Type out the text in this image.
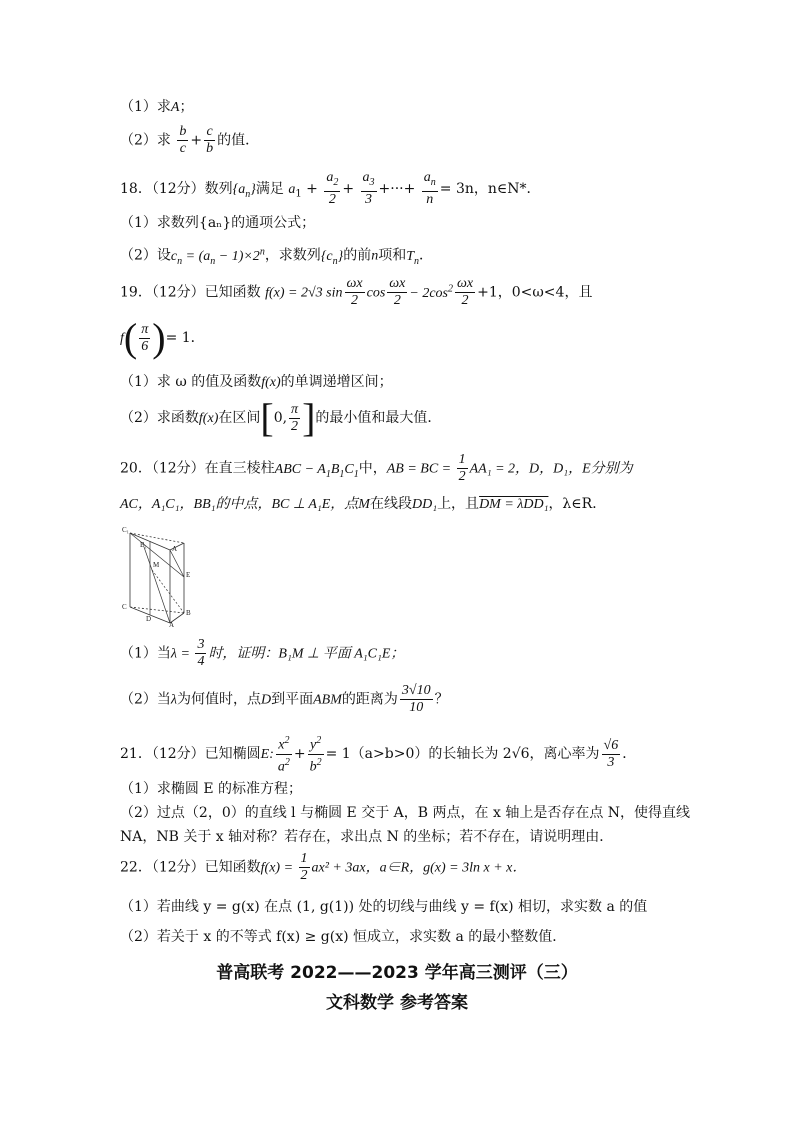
（1）求A；
（2）求 $\frac{b}{c} + \frac{c}{b}$ 的值．
18．（12分）数列$\{a_n\}$满足 $a_1 + \frac{a_2}{2} + \frac{a_3}{3}$ +···+ $\frac{a_n}{n} = 3n$，n∈N*．
（1）求数列{aₙ}的通项公式；
（2）设$c_n = (a_n - 1)\times 2^n$，求数列$\{c_n\}$的前n项和$T_n$．
19．（12分）已知函数 f(x) = 2√3 $\sin \frac{\omega x}{2}$ $\cos \frac{\omega x}{2} - 2\cos^2 \frac{\omega x}{2} +1$，0<ω<4，且
$f( \frac{\pi}{6}$ )= 1．
（1）求 ω 的值及函数f(x)的单调递增区间；
（2）求函数f(x)在区间[0, $\frac{\pi}{2}$ ]的最小值和最大值．
20．（12分）在直三棱柱ABC − $A_1B_1C_1$中，AB = BC = $\frac{1}{2} AA_1 = 2$，D，D₁，E分别为
AC，A₁C₁，BB₁的中点，BC ⊥ A₁E，点M在线段DD₁上，且DM = λDD₁，λ∈R．
C₁
B₁	A
M
E
C
D
B
A
（1）当$\lambda = \frac{3}{4}$ 时，证明：B₁M ⊥ 平面 A₁C₁E；
（2）当λ为何值时，点D到平面ABM的距离为 $\frac{3√10}{10}$ ？
21．（12分）已知椭圆E: $\frac{x^2}{a^2} + \frac{y^2}{b^2} = 1(a>b>0)$的长轴长为 2√6，离心率为 $\frac{√6}{3}$ ．
（1）求椭圆 E 的标准方程；
（2）过点（2，0）的直线 l 与椭圆 E 交于 A，B 两点，在 x 轴上是否存在点 N，使得直线
NA，NB 关于 x 轴对称？若存在，求出点 N 的坐标；若不存在，请说明理由．
22．（12分）已知函数$f(x) = \frac{1}{2} ax^2 + 3ax$，a∈R，g(x) = 3ln x + x．
（1）若曲线 y = g(x) 在点 (1, g(1)) 处的切线与曲线 y = f(x) 相切，求实数 a 的值
（2）若关于 x 的不等式 f(x) ≥ g(x) 恒成立，求实数 a 的最小整数值．
普高联考 2022——2023 学年高三测评（三）
文科数学 参考答案
